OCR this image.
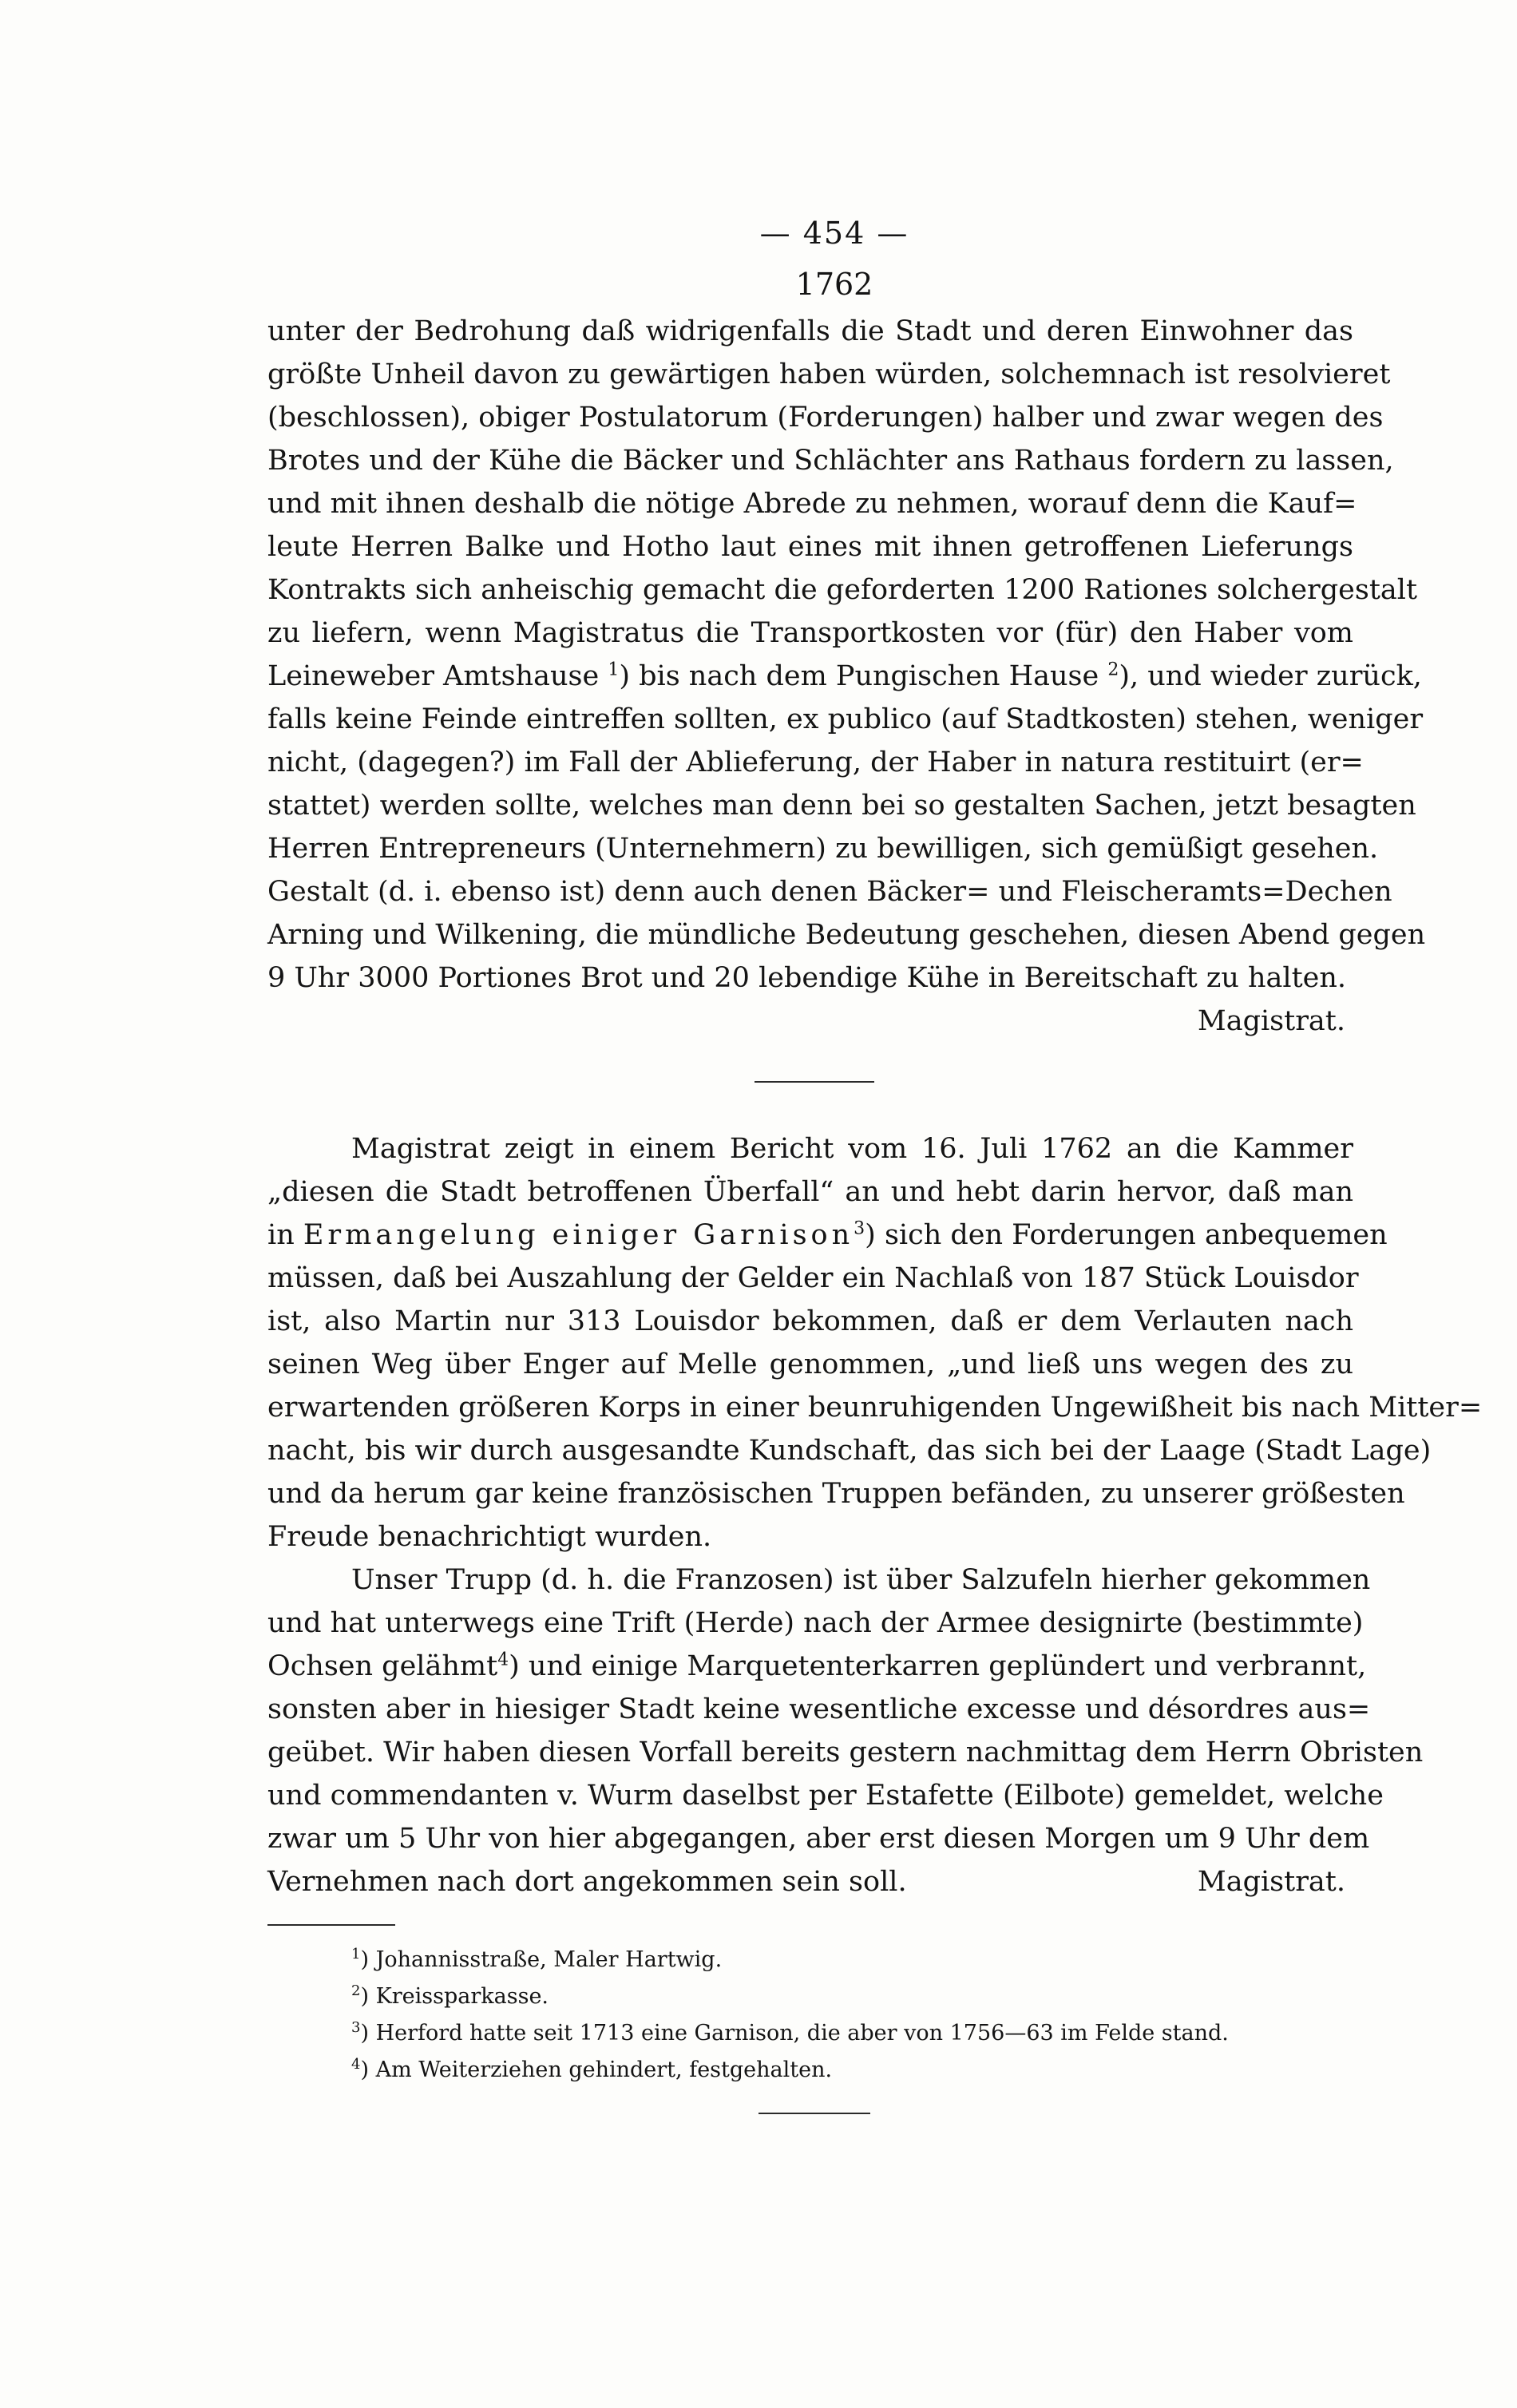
— 454 —
1762
unter der Bedrohung daß widrigenfalls die Stadt und deren Einwohner das
größte Unheil davon zu gewärtigen haben würden, solchemnach ist resolvieret
(beschlossen), obiger Postulatorum (Forderungen) halber und zwar wegen des
Brotes und der Kühe die Bäcker und Schlächter ans Rathaus fordern zu lassen,
und mit ihnen deshalb die nötige Abrede zu nehmen, worauf denn die Kauf=
leute Herren Balke und Hotho laut eines mit ihnen getroffenen Lieferungs
Kontrakts sich anheischig gemacht die geforderten 1200 Rationes solchergestalt
zu liefern, wenn Magistratus die Transportkosten vor (für) den Haber vom
Leineweber Amtshause $^1$) bis nach dem Pungischen Hause $^2$), und wieder zurück,
falls keine Feinde eintreffen sollten, ex publico (auf Stadtkosten) stehen, weniger
nicht, (dagegen?) im Fall der Ablieferung, der Haber in natura restituirt (er=
stattet) werden sollte, welches man denn bei so gestalten Sachen, jetzt besagten
Herren Entrepreneurs (Unternehmern) zu bewilligen, sich gemüßigt gesehen.
Gestalt (d. i. ebenso ist) denn auch denen Bäcker= und Fleischeramts=Dechen
Arning und Wilkening, die mündliche Bedeutung geschehen, diesen Abend gegen
9 Uhr 3000 Portiones Brot und 20 lebendige Kühe in Bereitschaft zu halten.
Magistrat.
Magistrat zeigt in einem Bericht vom 16. Juli 1762 an die Kammer
„diesen die Stadt betroffenen Überfall“ an und hebt darin hervor, daß man
in Ermangelung einiger Garnison$^3$) sich den Forderungen anbequemen
müssen, daß bei Auszahlung der Gelder ein Nachlaß von 187 Stück Louisdor
ist, also Martin nur 313 Louisdor bekommen, daß er dem Verlauten nach
seinen Weg über Enger auf Melle genommen, „und ließ uns wegen des zu
erwartenden größeren Korps in einer beunruhigenden Ungewißheit bis nach Mitter=
nacht, bis wir durch ausgesandte Kundschaft, das sich bei der Laage (Stadt Lage)
und da herum gar keine französischen Truppen befänden, zu unserer größesten
Freude benachrichtigt wurden.
Unser Trupp (d. h. die Franzosen) ist über Salzufeln hierher gekommen
und hat unterwegs eine Trift (Herde) nach der Armee designirte (bestimmte)
Ochsen gelähmt$^4$) und einige Marquetenterkarren geplündert und verbrannt,
sonsten aber in hiesiger Stadt keine wesentliche excesse und désordres aus=
geübet. Wir haben diesen Vorfall bereits gestern nachmittag dem Herrn Obristen
und commendanten v. Wurm daselbst per Estafette (Eilbote) gemeldet, welche
zwar um 5 Uhr von hier abgegangen, aber erst diesen Morgen um 9 Uhr dem
Vernehmen nach dort angekommen sein soll.	Magistrat.
$^1$) Johannisstraße, Maler Hartwig.
$^2$) Kreissparkasse.
$^3$) Herford hatte seit 1713 eine Garnison, die aber von 1756—63 im Felde stand.
$^4$) Am Weiterziehen gehindert, festgehalten.
